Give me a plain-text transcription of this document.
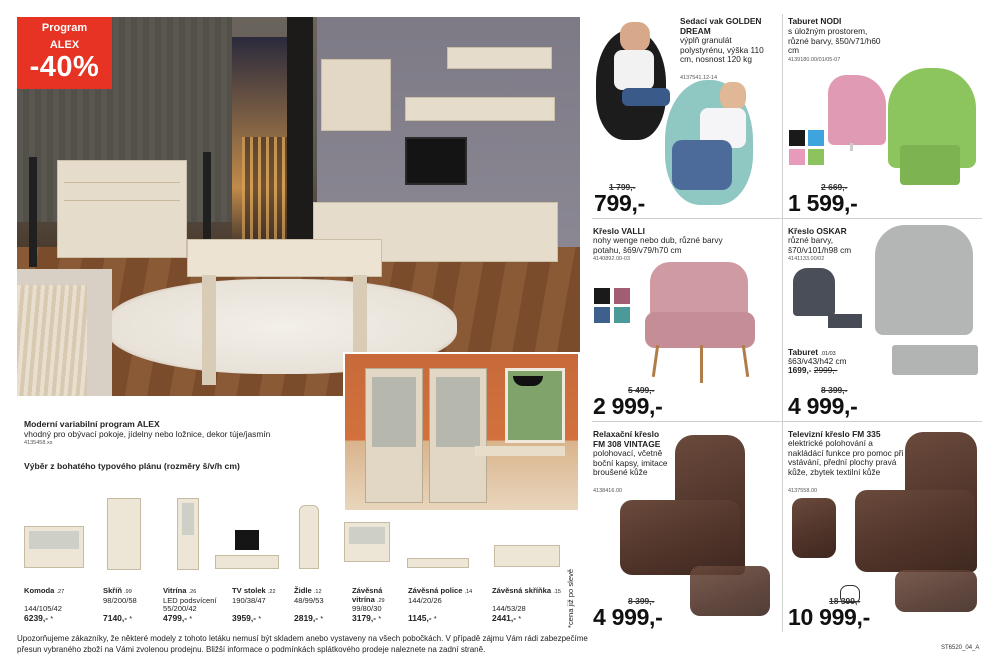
Program
ALEX
-40%
Moderní variabilní program ALEX
vhodný pro obývací pokoje, jídelny nebo ložnice, dekor túje/jasmín
4135458.xx
Výběr z bohatého typového plánu (rozměry š/v/h cm)
Komoda .27
144/105/42
6239,- *
Skříň .99
98/200/58
7140,- *
Vitrína .26
LED podsvícení
55/200/42
4799,- *
TV stolek .22
190/38/47
3959,- *
Židle .12
48/99/53
2819,- *
Závěsná vitrína .29
99/80/30
3179,- *
Závěsná police .14
144/20/26
1145,- *
Závěsná skříňka .15
144/53/28
2441,- *	*cena již po slevě
Upozorňujeme zákazníky, že některé modely z tohoto letáku nemusí být skladem anebo vystaveny na všech pobočkách. V případě zájmu Vám rádi zabezpečíme přesun vybraného zboží na Vámi zvolenou prodejnu. Bližší informace o podmínkách splátkového prodeje naleznete na zadní straně.
Sedací vak GOLDEN DREAM
výplň granulát polystyrénu, výška 110 cm, nosnost 120 kg
4137541.12-14
1 799,-
799,-
Taburet NODI
s úložným prostorem, různé barvy, š50/v71/h60 cm
4139180.00/01/05-07
2 669,-
1 599,-
Křeslo VALLI
nohy wenge nebo dub, různé barvy potahu, š69/v79/h70 cm
4140892.00-03
5 499,-
2 999,-
Křeslo OSKAR
různé barvy, š70/v101/h98 cm
4141133.00/02
Taburet .01/03
š63/v43/h42 cm
1699,- 2999,-
8 399,-
4 999,-
Relaxační křeslo FM 308 VINTAGE
polohovací, včetně boční kapsy, imitace broušené kůže
4138416.00
8 399,-
4 999,-
Televizní křeslo FM 335
elektrické polohování a nakládácí funkce pro pomoc při vstávání, přední plochy pravá kůže, zbytek textilní kůže
4137558.00
18 399,-
10 999,-
ST6520_04_A
